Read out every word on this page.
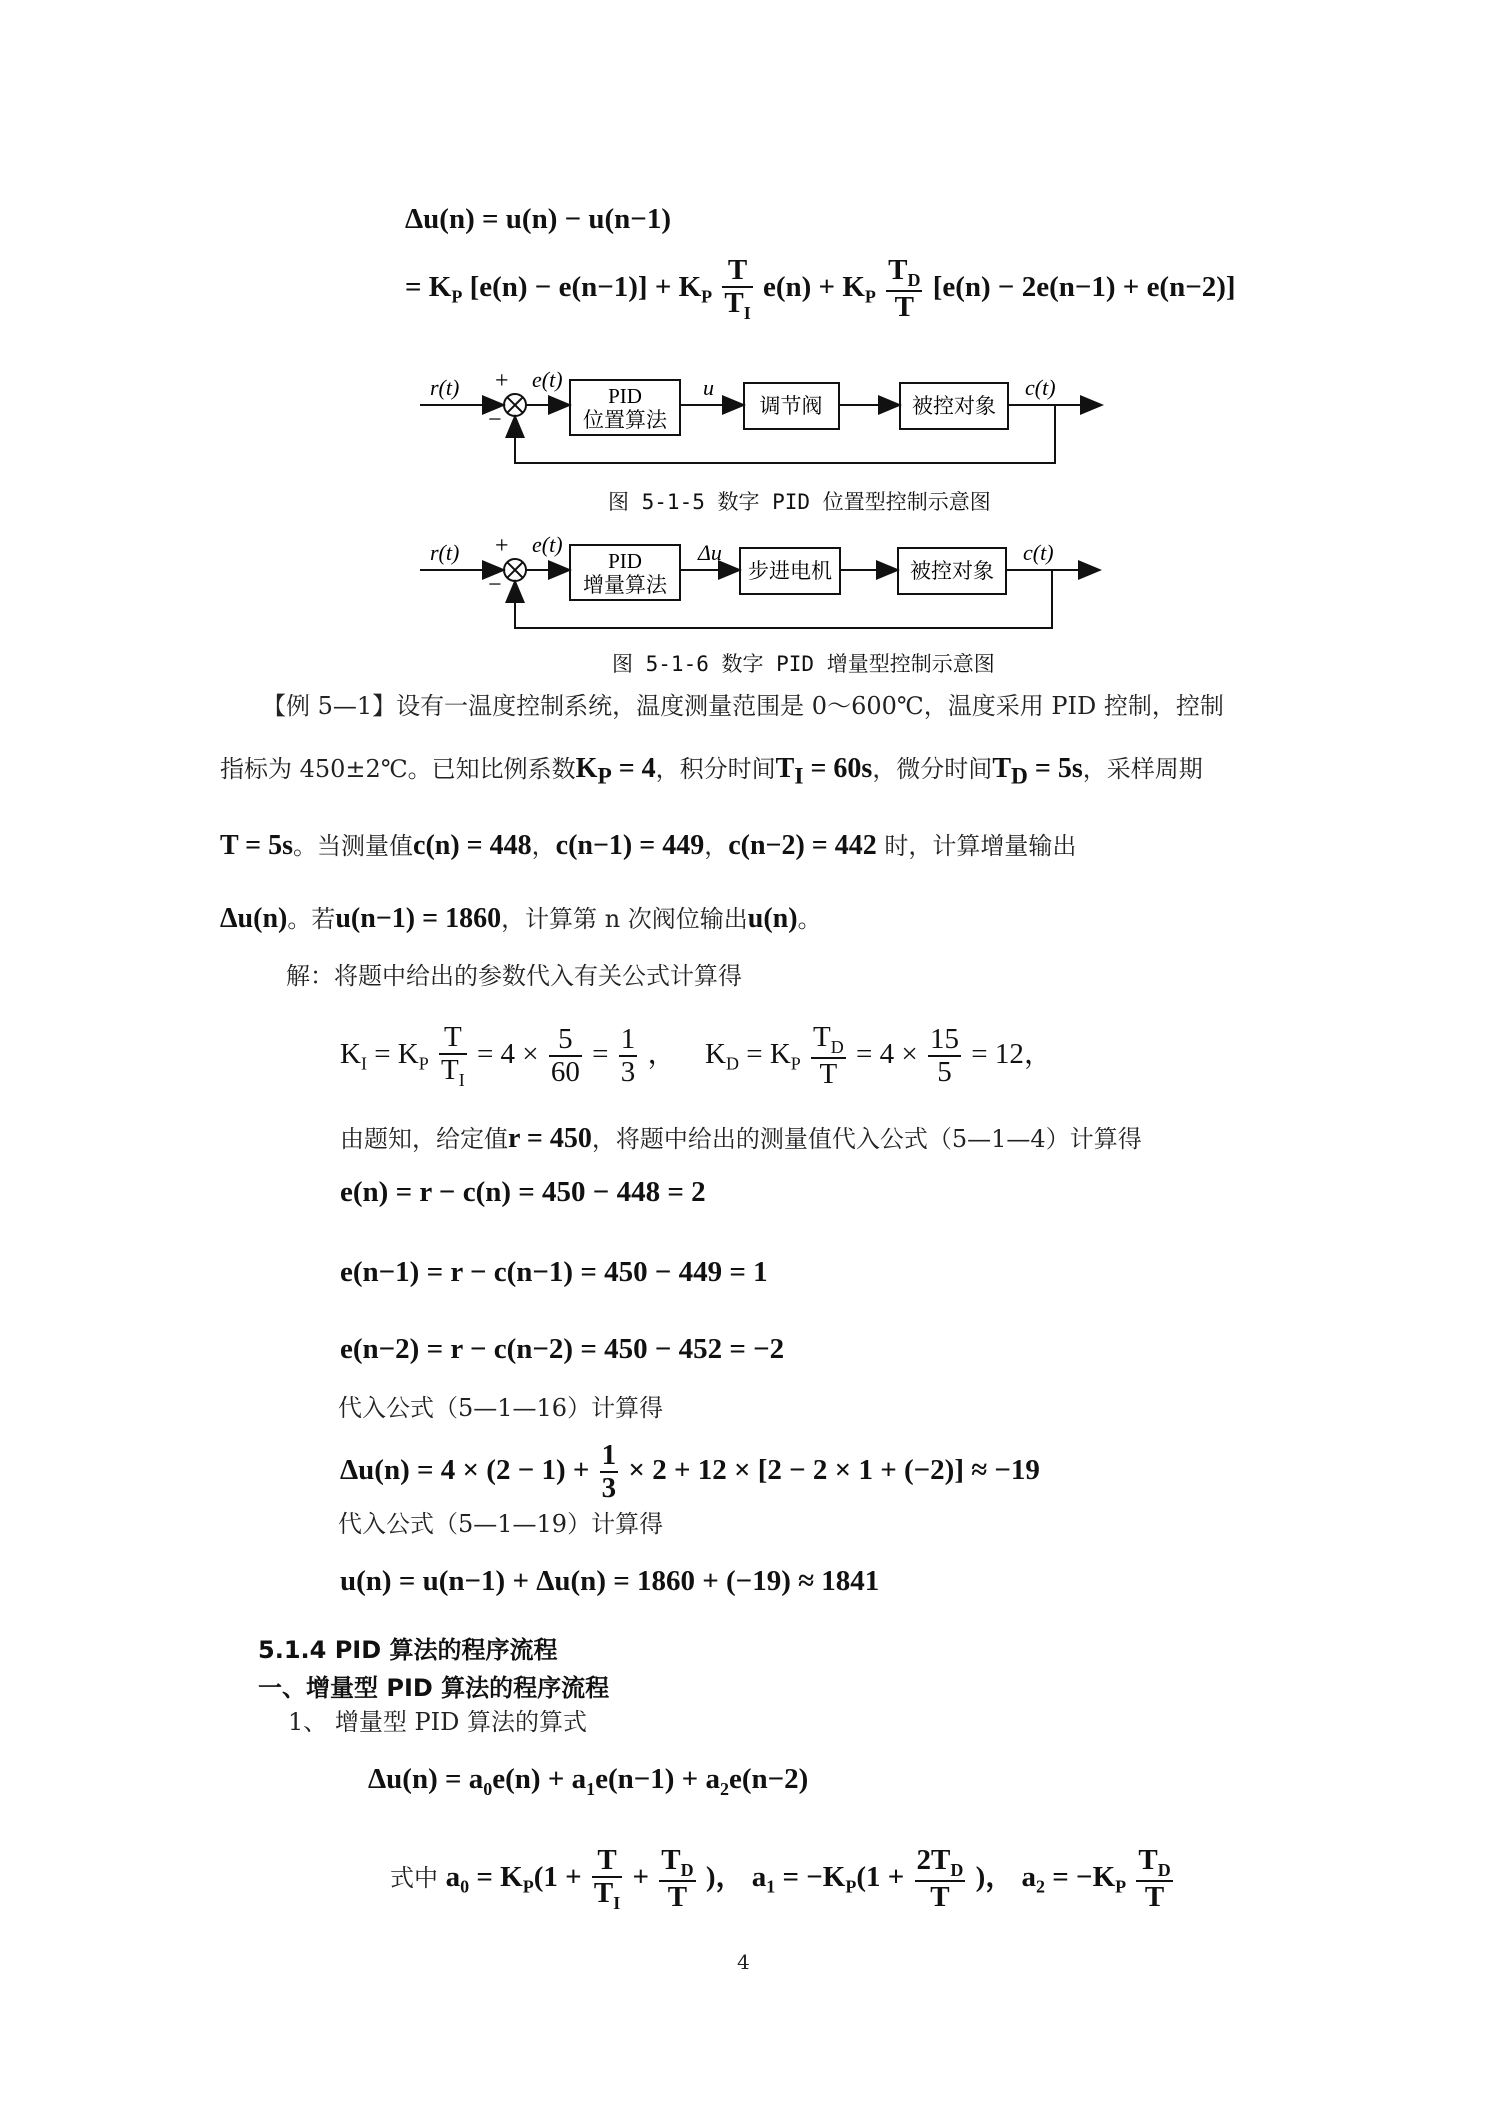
Δu(n) = u(n) − u(n−1)
= $K_P$ $[e(n) - e(n-1)] + K_P \frac{T}{T_I} e(n) + K_P \frac{T_D}{T} [e(n) - 2e(n-1) + e(n-2)]$
r(t) +
−
e(t)
PID
位置算法
u
调节阀	被控对象
c(t)
图 5-1-5 数字 PID 位置型控制示意图
r(t) +
−
e(t)
PID
增量算法
Δu
步进电机	被控对象
c(t)
图 5-1-6 数字 PID 增量型控制示意图
【例 5—1】设有一温度控制系统，温度测量范围是 0～600℃，温度采用 PID 控制，控制
指标为 450±2℃。已知比例系数$K_P = 4$，积分时间$T_I = 60s$，微分时间$T_D = 5s$，采样周期
T = 5s。当测量值c(n) = 448，c(n−1) = 449，c(n−2) = 442 时，计算增量输出
Δu(n)。若u(n−1) = 1860，计算第 n 次阀位输出u(n)。
解：将题中给出的参数代入有关公式计算得
$K_I = K_P \frac{T}{T_I} = 4 \times \frac{5}{60} = \frac{1}{3}$ ， $K_D = K_P \frac{T_D}{T} = 4 \times \frac{15}{5} = 12$，
由题知，给定值r = 450，将题中给出的测量值代入公式（5—1—4）计算得
e(n) = r − c(n) = 450 − 448 = 2
e(n−1) = r − c(n−1) = 450 − 449 = 1
e(n−2) = r − c(n−2) = 450 − 452 = −2
代入公式（5—1—16）计算得
$\Delta u(n) = 4 \times (2 - 1) + \frac{1}{3} \times 2 + 12 \times [2 - 2 \times 1 + (-2)] \approx -19$
代入公式（5—1—19）计算得
u(n) = u(n−1) + Δu(n) = 1860 + (−19) ≈ 1841
5.1.4 PID 算法的程序流程
一、增量型 PID 算法的程序流程
1、 增量型 PID 算法的算式
$\Delta u(n) = a_0e(n) + a_1e(n-1) + a_2e(n-2)$
式中 $a_0 = K_P(1 + \frac{T}{T_I} + \frac{T_D}{T}$ )， $a_1 = -K_P(1 + \frac{2T_D}{T}$ )， $a_2 = -K_P \frac{T_D}{T}$
4
